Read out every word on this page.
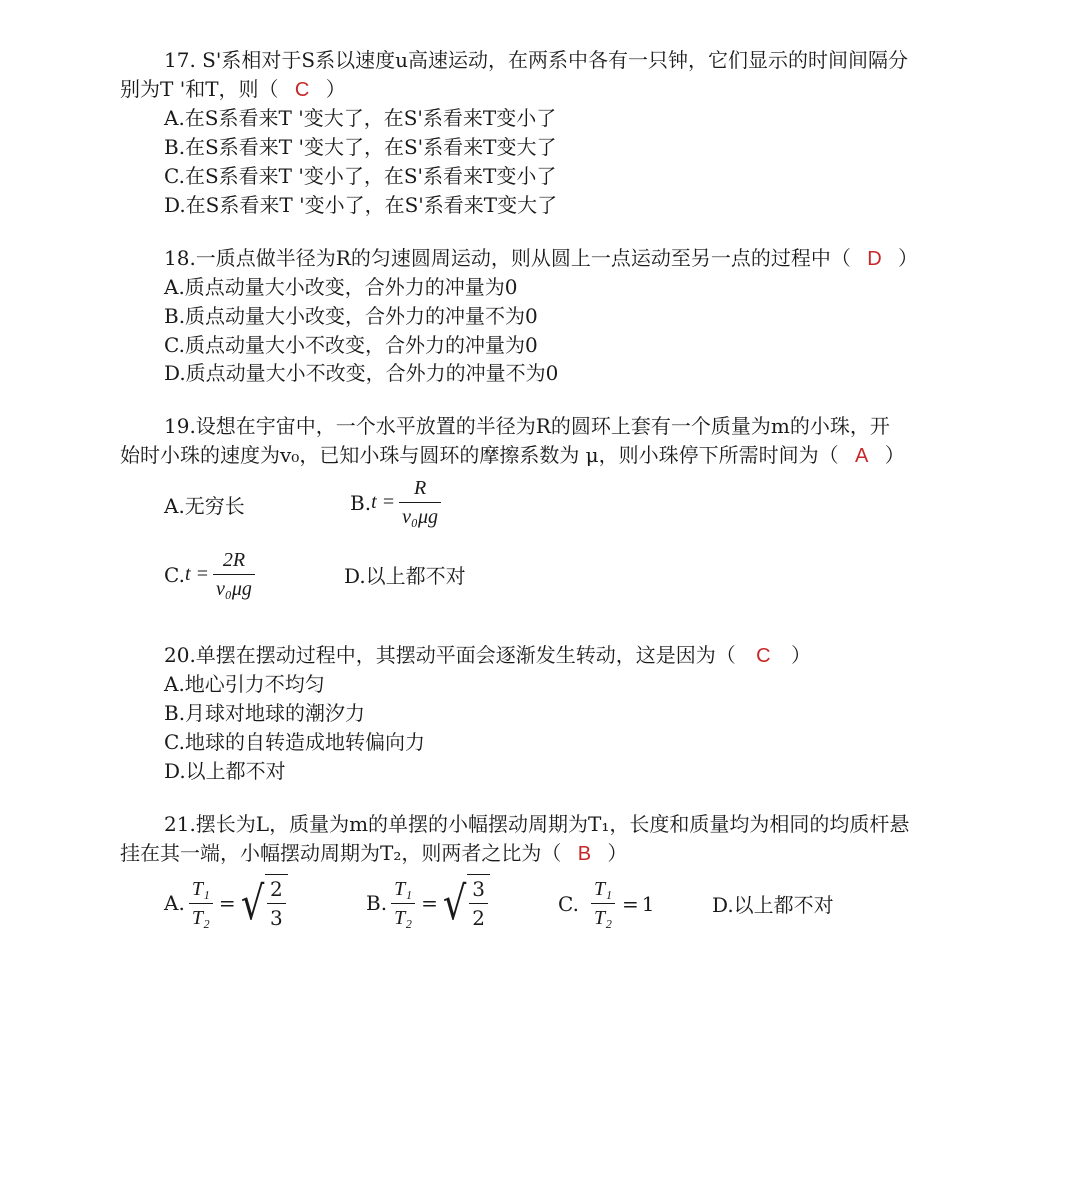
17. S'系相对于S系以速度u高速运动，在两系中各有一只钟，它们显示的时间间隔分
别为T '和T，则（ C ）
A.在S系看来T '变大了，在S'系看来T变小了
B.在S系看来T '变大了，在S'系看来T变大了
C.在S系看来T '变小了，在S'系看来T变小了
D.在S系看来T '变小了，在S'系看来T变大了
18.一质点做半径为R的匀速圆周运动，则从圆上一点运动至另一点的过程中（ D ）
A.质点动量大小改变，合外力的冲量为0
B.质点动量大小改变，合外力的冲量不为0
C.质点动量大小不改变，合外力的冲量为0
D.质点动量大小不改变，合外力的冲量不为0
19.设想在宇宙中，一个水平放置的半径为R的圆环上套有一个质量为m的小珠，开
始时小珠的速度为v₀，已知小珠与圆环的摩擦系数为 μ，则小珠停下所需时间为（ A ）
A.无穷长	B. $t = \frac{R}{\text{v₀μg}}$
C. $t = \frac{2R}{\text{v₀μg}}$	D.以上都不对
20.单摆在摆动过程中，其摆动平面会逐渐发生转动，这是因为（ C ）
A.地心引力不均匀
B.月球对地球的潮汐力
C.地球的自转造成地转偏向力
D.以上都不对
21.摆长为L，质量为m的单摆的小幅摆动周期为T₁，长度和质量均为相同的均质杆悬
挂在其一端，小幅摆动周期为T₂，则两者之比为（ B ）
A. $\frac{\text{T₁}}{\text{T₂}}$ = √ $\frac{2}{3}$	B. $\frac{\text{T₁}}{\text{T₂}}$ = √ $\frac{3}{2}$	C. $\frac{\text{T₁}}{\text{T₂}} = 1$	D.以上都不对
